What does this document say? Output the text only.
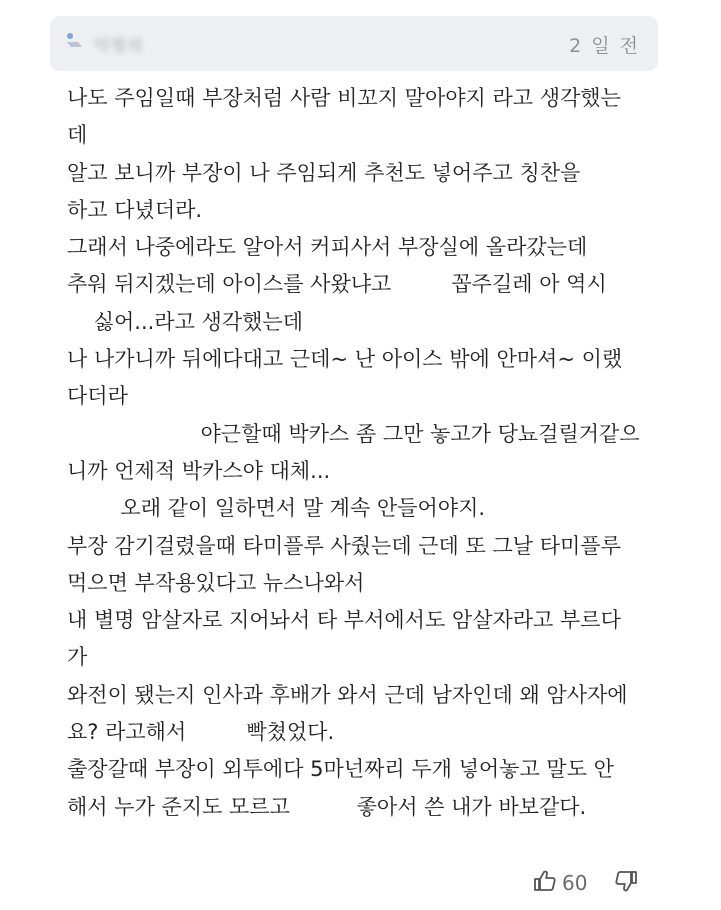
익명의	2 일 전
나도 주임일때 부장처럼 사람 비꼬지 말아야지 라고 생각했는
데
알고 보니까 부장이 나 주임되게 추천도 넣어주고 칭찬을
하고 다녔더라.
그래서 나중에라도 알아서 커피사서 부장실에 올라갔는데
추워 뒤지겠는데 아이스를 사왔냐고         꼽주길레 아 역시
싫어...라고 생각했는데
나 나가니까 뒤에다대고 근데~ 난 아이스 밖에 안마셔~ 이랬
다더라
야근할때 박카스 좀 그만 놓고가 당뇨걸릴거같으
니까 언제적 박카스야 대체...
오래 같이 일하면서 말 계속 안들어야지.
부장 감기걸렸을때 타미플루 사줬는데 근데 또 그날 타미플루
먹으면 부작용있다고 뉴스나와서
내 별명 암살자로 지어놔서 타 부서에서도 암살자라고 부르다
가
와전이 됐는지 인사과 후배가 와서 근데 남자인데 왜 암사자에
요? 라고해서         빡쳤었다.
출장갈때 부장이 외투에다 5마넌짜리 두개 넣어놓고 말도 안
해서 누가 준지도 모르고          좋아서 쓴 내가 바보같다.
60
